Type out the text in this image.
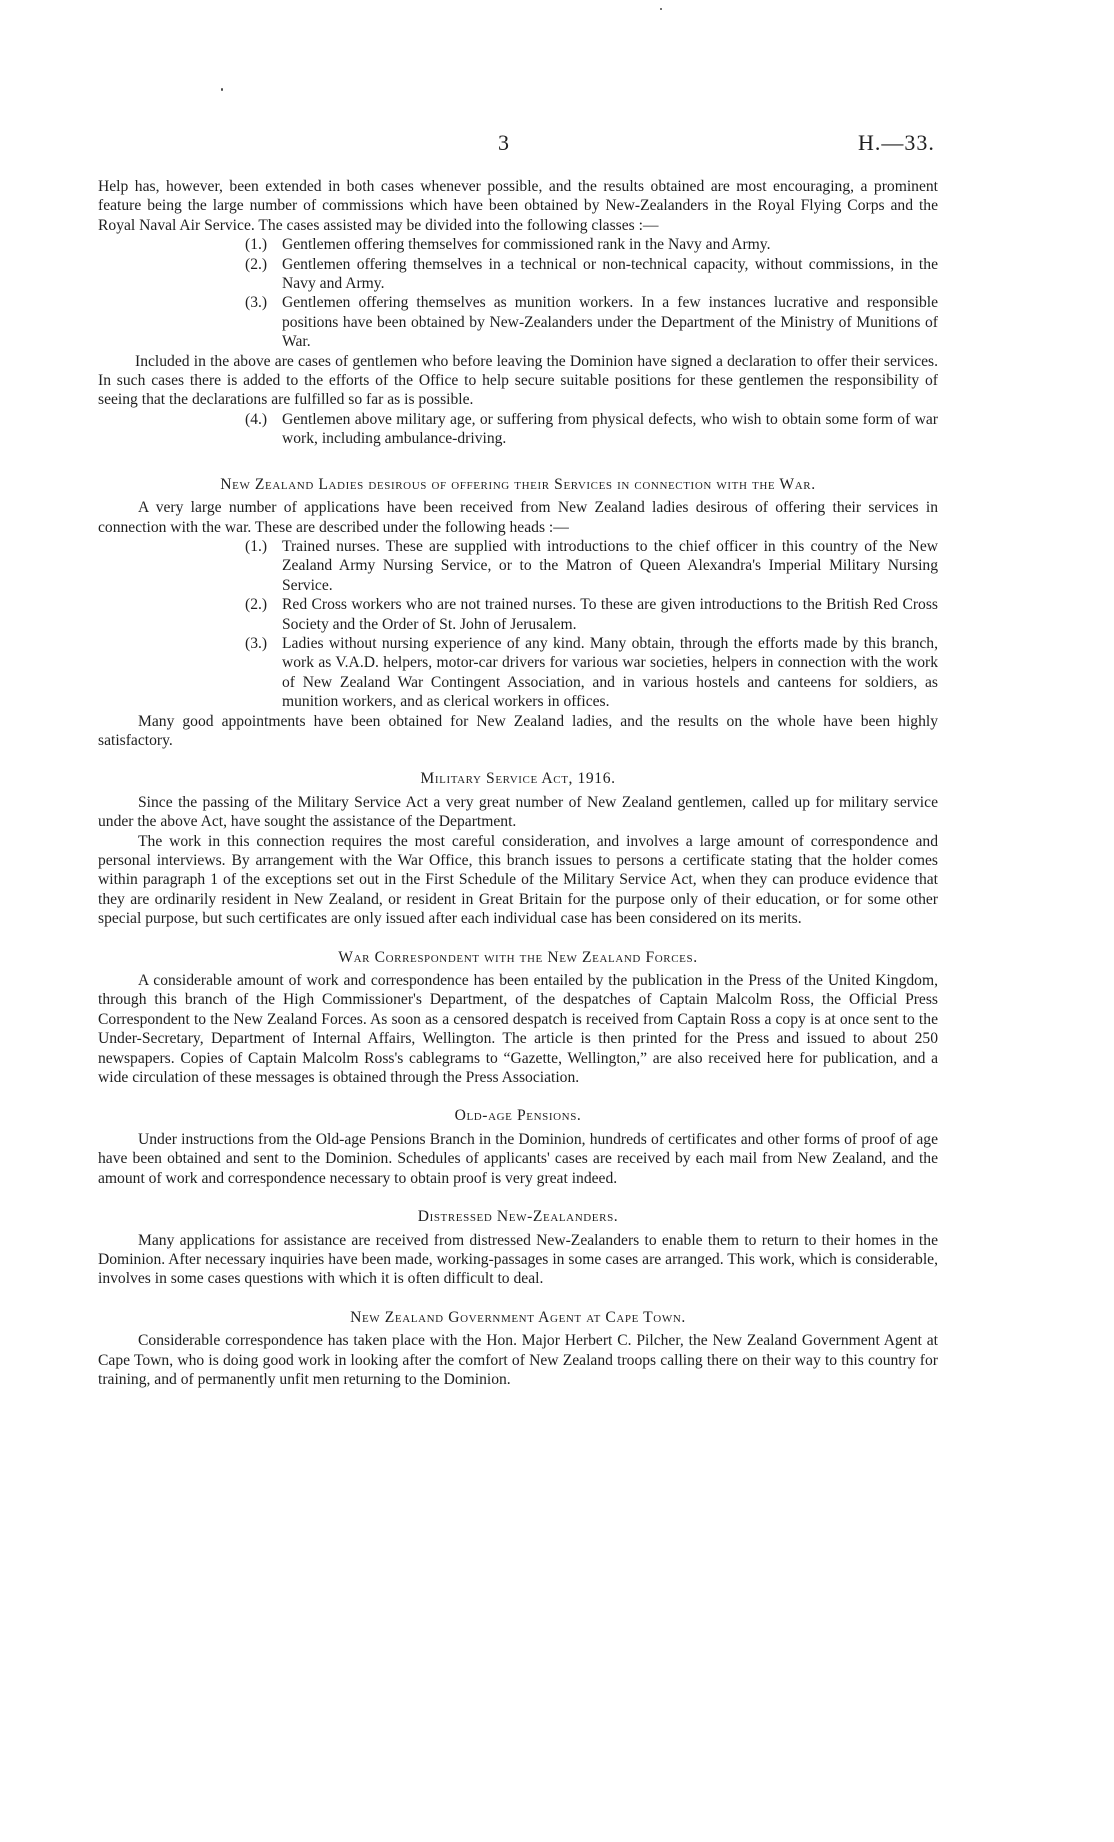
3	H.—33.

Help has, however, been extended in both cases whenever possible, and the results obtained are most encouraging, a prominent feature being the large number of commissions which have been obtained by New-Zealanders in the Royal Flying Corps and the Royal Naval Air Service. The cases assisted may be divided into the following classes :—

(1.) Gentlemen offering themselves for commissioned rank in the Navy and Army.
(2.) Gentlemen offering themselves in a technical or non-technical capacity, without commissions, in the Navy and Army.
(3.) Gentlemen offering themselves as munition workers. In a few instances lucrative and responsible positions have been obtained by New-Zealanders under the Department of the Ministry of Munitions of War.

Included in the above are cases of gentlemen who before leaving the Dominion have signed a declaration to offer their services. In such cases there is added to the efforts of the Office to help secure suitable positions for these gentlemen the responsibility of seeing that the declarations are fulfilled so far as is possible.

(4.) Gentlemen above military age, or suffering from physical defects, who wish to obtain some form of war work, including ambulance-driving.
New Zealand Ladies desirous of offering their Services in connection with the War.

A very large number of applications have been received from New Zealand ladies desirous of offering their services in connection with the war. These are described under the following heads :—

(1.) Trained nurses. These are supplied with introductions to the chief officer in this country of the New Zealand Army Nursing Service, or to the Matron of Queen Alexandra's Imperial Military Nursing Service.
(2.) Red Cross workers who are not trained nurses. To these are given introductions to the British Red Cross Society and the Order of St. John of Jerusalem.
(3.) Ladies without nursing experience of any kind. Many obtain, through the efforts made by this branch, work as V.A.D. helpers, motor-car drivers for various war societies, helpers in connection with the work of New Zealand War Contingent Association, and in various hostels and canteens for soldiers, as munition workers, and as clerical workers in offices.

Many good appointments have been obtained for New Zealand ladies, and the results on the whole have been highly satisfactory.

Military Service Act, 1916.

Since the passing of the Military Service Act a very great number of New Zealand gentlemen, called up for military service under the above Act, have sought the assistance of the Department.

The work in this connection requires the most careful consideration, and involves a large amount of correspondence and personal interviews. By arrangement with the War Office, this branch issues to persons a certificate stating that the holder comes within paragraph 1 of the exceptions set out in the First Schedule of the Military Service Act, when they can produce evidence that they are ordinarily resident in New Zealand, or resident in Great Britain for the purpose only of their education, or for some other special purpose, but such certificates are only issued after each individual case has been considered on its merits.

War Correspondent with the New Zealand Forces.

A considerable amount of work and correspondence has been entailed by the publication in the Press of the United Kingdom, through this branch of the High Commissioner's Department, of the despatches of Captain Malcolm Ross, the Official Press Correspondent to the New Zealand Forces. As soon as a censored despatch is received from Captain Ross a copy is at once sent to the Under-Secretary, Department of Internal Affairs, Wellington. The article is then printed for the Press and issued to about 250 newspapers. Copies of Captain Malcolm Ross's cablegrams to “Gazette, Wellington,” are also received here for publication, and a wide circulation of these messages is obtained through the Press Association.

Old-age Pensions.

Under instructions from the Old-age Pensions Branch in the Dominion, hundreds of certificates and other forms of proof of age have been obtained and sent to the Dominion. Schedules of applicants' cases are received by each mail from New Zealand, and the amount of work and correspondence necessary to obtain proof is very great indeed.

Distressed New-Zealanders.

Many applications for assistance are received from distressed New-Zealanders to enable them to return to their homes in the Dominion. After necessary inquiries have been made, working-passages in some cases are arranged. This work, which is considerable, involves in some cases questions with which it is often difficult to deal.

New Zealand Government Agent at Cape Town.

Considerable correspondence has taken place with the Hon. Major Herbert C. Pilcher, the New Zealand Government Agent at Cape Town, who is doing good work in looking after the comfort of New Zealand troops calling there on their way to this country for training, and of permanently unfit men returning to the Dominion.
